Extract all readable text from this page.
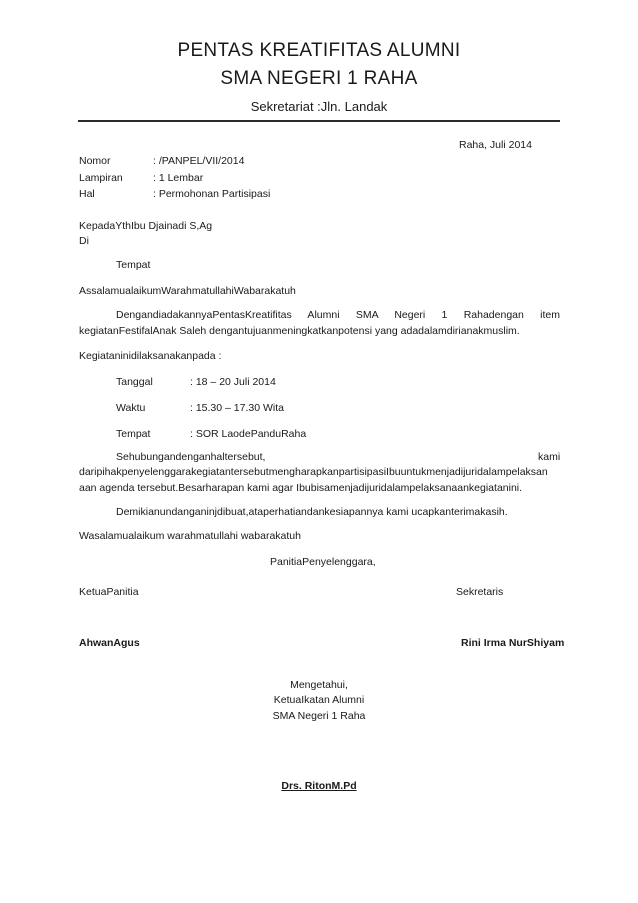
PENTAS KREATIFITAS ALUMNI
SMA NEGERI 1 RAHA
Sekretariat :Jln. Landak
Raha, Juli 2014
Nomor	: /PANPEL/VII/2014
Lampiran	: 1 Lembar
Hal	: Permohonan Partisipasi
KepadaYthIbu Djainadi S,Ag
Di
Tempat
AssalamualaikumWarahmatullahiWabarakatuh
DengandiadakannyaPentasKreatifitas Alumni SMA Negeri 1 Rahadengan item
kegiatanFestifalAnak Saleh dengantujuanmeningkatkanpotensi yang adadalamdirianakmuslim.
Kegiataninidilaksanakanpada :
Tanggal	: 18 – 20 Juli 2014
Waktu	: 15.30 – 17.30 Wita
Tempat	: SOR LaodePanduRaha
Sehubungandenganhaltersebut,	kami
daripihakpenyelenggarakegiatantersebutmengharapkanpartisipasiIbuuntukmenjadijuridalampelaksan
aan agenda tersebut.Besarharapan kami agar Ibubisamenjadijuridalampelaksanaankegiatanini.
Demikianundanganinjdibuat,ataperhatiandankesiapannya kami ucapkanterimakasih.
Wasalamualaikum warahmatullahi wabarakatuh
PanitiaPenyelenggara,
KetuaPanitia	Sekretaris
AhwanAgus	Rini Irma NurShiyam
Mengetahui,
KetuaIkatan Alumni
SMA Negeri 1 Raha
Drs. RitonM.Pd
